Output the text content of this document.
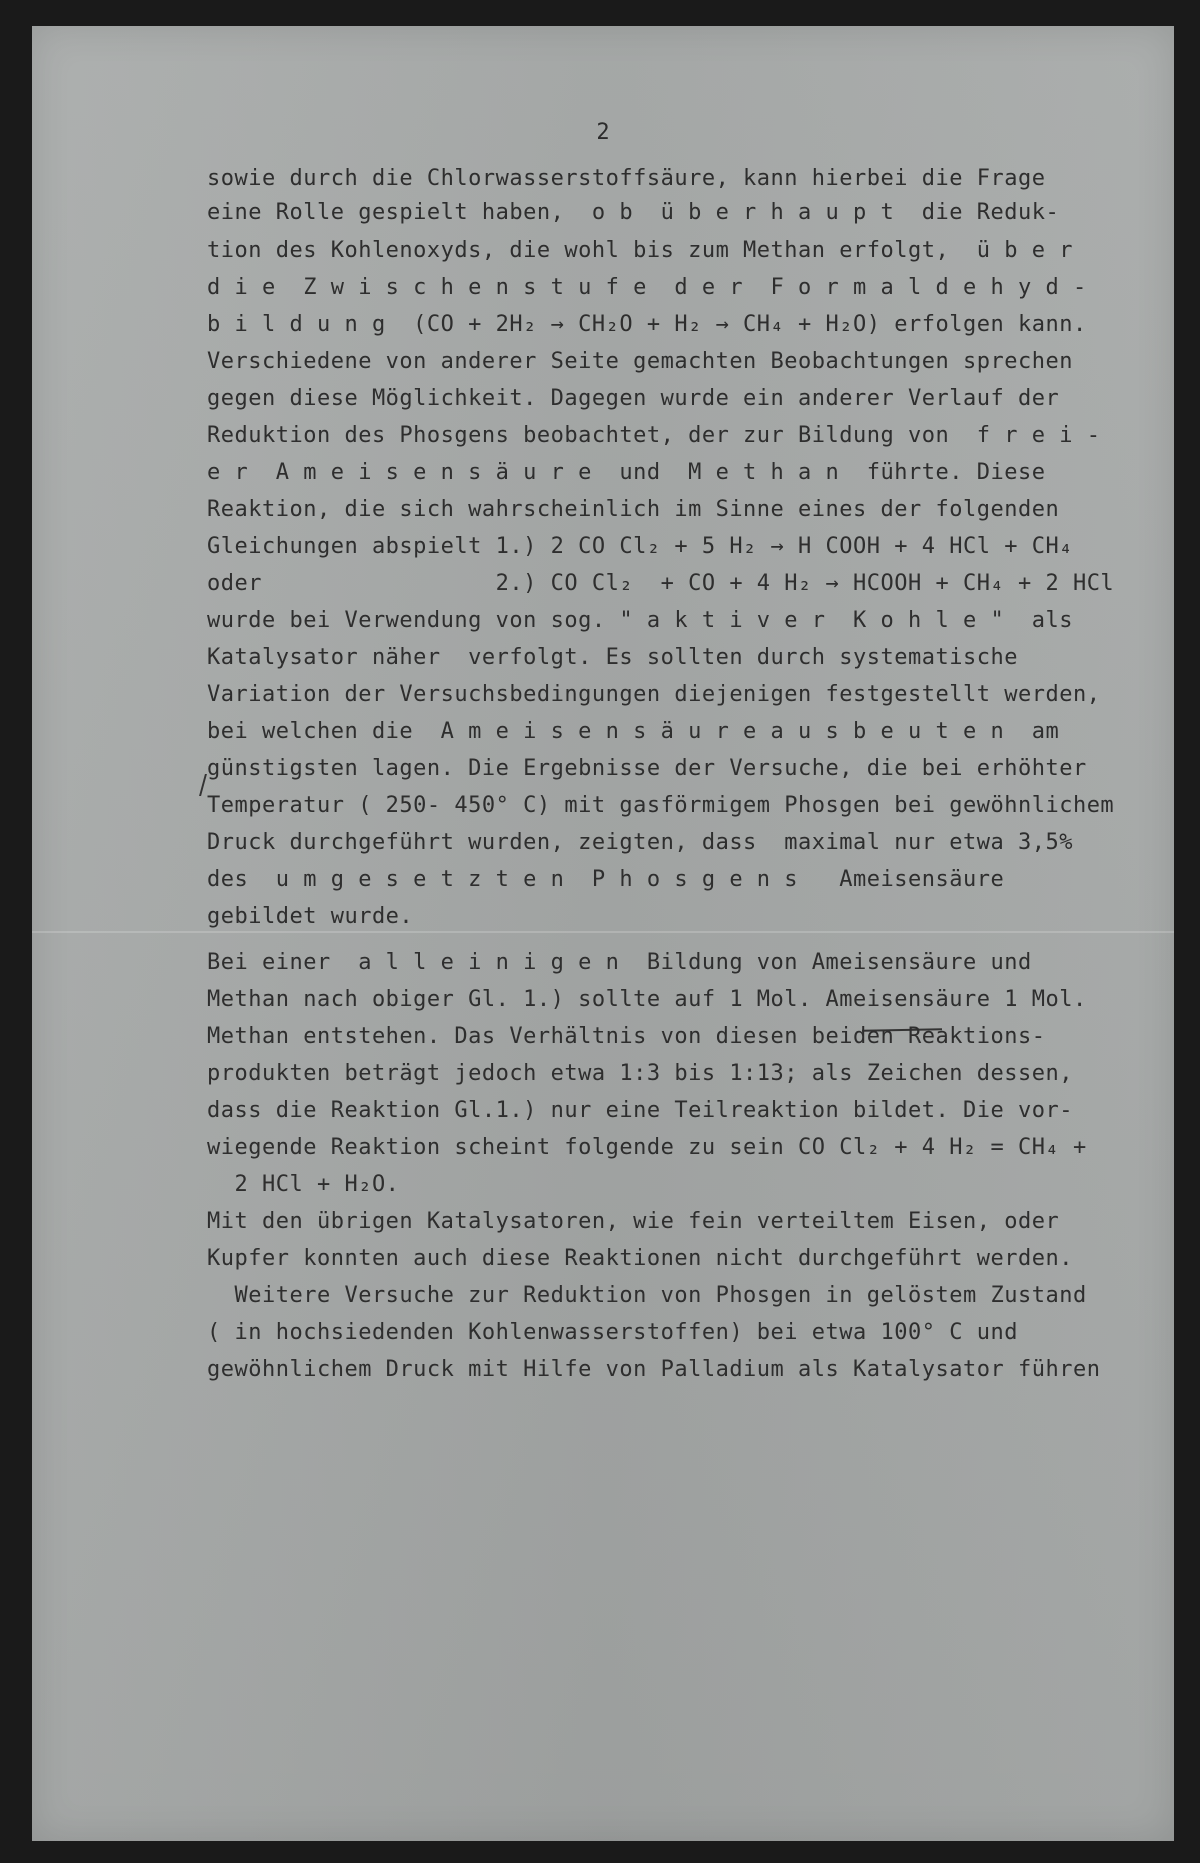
2
sowie durch die Chlorwasserstoffsäure, kann hierbei die Frage
eine Rolle gespielt haben,  o b  ü b e r h a u p t  die Reduk-
tion des Kohlenoxyds, die wohl bis zum Methan erfolgt,  ü b e r
d i e  Z w i s c h e n s t u f e  d e r  F o r m a l d e h y d -
b i l d u n g  (CO + 2H₂ → CH₂O + H₂ → CH₄ + H₂O) erfolgen kann.
Verschiedene von anderer Seite gemachten Beobachtungen sprechen
gegen diese Möglichkeit. Dagegen wurde ein anderer Verlauf der
Reduktion des Phosgens beobachtet, der zur Bildung von  f r e i -
e r  A m e i s e n s ä u r e  und  M e t h a n  führte. Diese
Reaktion, die sich wahrscheinlich im Sinne eines der folgenden
Gleichungen abspielt 1.) 2 CO Cl₂ + 5 H₂ → H COOH + 4 HCl + CH₄
oder                 2.) CO Cl₂  + CO + 4 H₂ → HCOOH + CH₄ + 2 HCl
wurde bei Verwendung von sog. " a k t i v e r  K o h l e "  als
Katalysator näher  verfolgt. Es sollten durch systematische
Variation der Versuchsbedingungen diejenigen festgestellt werden,
bei welchen die  A m e i s e n s ä u r e a u s b e u t e n  am
günstigsten lagen. Die Ergebnisse der Versuche, die bei erhöhter
Temperatur ( 250- 450° C) mit gasförmigem Phosgen bei gewöhnlichem
Druck durchgeführt wurden, zeigten, dass  maximal nur etwa 3,5%
des  u m g e s e t z t e n  P h o s g e n s   Ameisensäure
gebildet wurde.
Bei einer  a l l e i n i g e n  Bildung von Ameisensäure und
Methan nach obiger Gl. 1.) sollte auf 1 Mol. Ameisensäure 1 Mol.
Methan entstehen. Das Verhältnis von diesen beiden Reaktions-
produkten beträgt jedoch etwa 1:3 bis 1:13; als Zeichen dessen,
dass die Reaktion Gl.1.) nur eine Teilreaktion bildet. Die vor-
wiegende Reaktion scheint folgende zu sein CO Cl₂ + 4 H₂ = CH₄ +
2 HCl + H₂O.
Mit den übrigen Katalysatoren, wie fein verteiltem Eisen, oder
Kupfer konnten auch diese Reaktionen nicht durchgeführt werden.
Weitere Versuche zur Reduktion von Phosgen in gelöstem Zustand
( in hochsiedenden Kohlenwasserstoffen) bei etwa 100° C und
gewöhnlichem Druck mit Hilfe von Palladium als Katalysator führen
